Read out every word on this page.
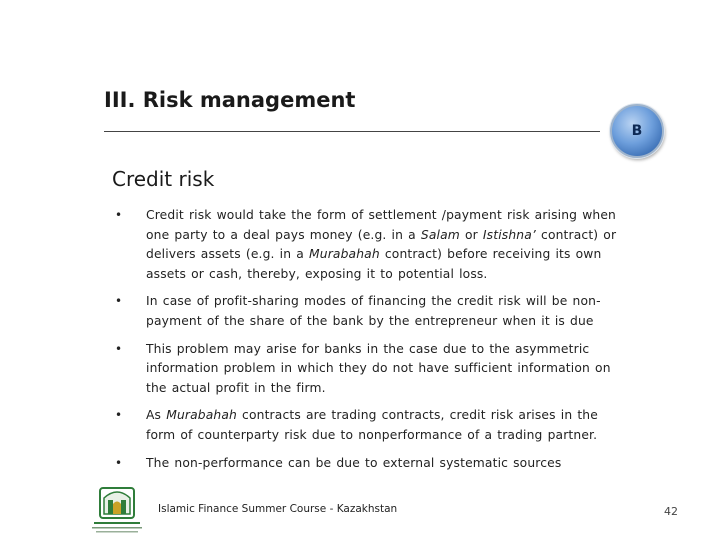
III. Risk management
B
Credit risk
• Credit risk would take the form of settlement /payment risk arising when one party to a deal pays money (e.g. in a Salam or Istishna’ contract) or delivers assets (e.g. in a Murabahah contract) before receiving its own assets or cash, thereby, exposing it to potential loss.
• In case of profit-sharing modes of financing the credit risk will be non-payment of the share of the bank by the entrepreneur when it is due
• This problem may arise for banks in the case due to the asymmetric information problem in which they do not have sufficient information on the actual profit in the firm.
• As Murabahah contracts are trading contracts, credit risk arises in the form of counterparty risk due to nonperformance of a trading partner.
• The non-performance can be due to external systematic sources
Islamic Finance Summer Course - Kazakhstan	42
